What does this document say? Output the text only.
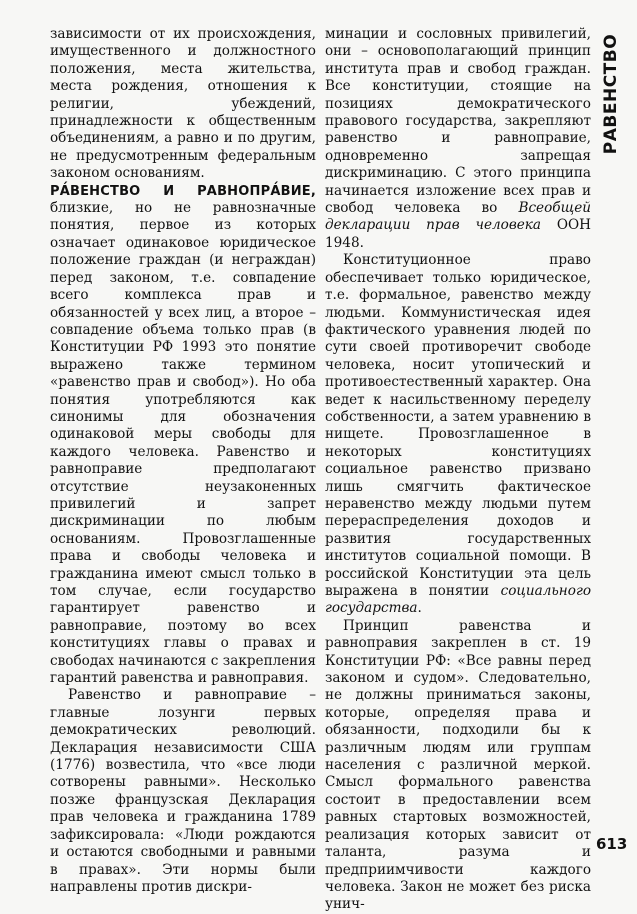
зависимости от их происхождения, имущественного и должностного положения, места жительства, места рождения, отношения к религии, убеждений, принадлежности к общественным объединениям, а равно и по другим, не предусмотренным федеральным законом основаниям.

РА́ВЕНСТВО И РАВНОПРА́ВИЕ, близкие, но не равнозначные понятия, первое из которых означает одинаковое юридическое положение граждан (и неграждан) перед законом, т.е. совпадение всего комплекса прав и обязанностей у всех лиц, а второе – совпадение объема только прав (в Конституции РФ 1993 это понятие выражено также термином «равенство прав и свобод»). Но оба понятия употребляются как синонимы для обозначения одинаковой меры свободы для каждого человека. Равенство и равноправие предполагают отсутствие неузаконенных привилегий и запрет дискриминации по любым основаниям. Провозглашенные права и свободы человека и гражданина имеют смысл только в том случае, если государство гарантирует равенство и равноправие, поэтому во всех конституциях главы о правах и свободах начинаются с закрепления гарантий равенства и равноправия.

Равенство и равноправие – главные лозунги первых демократических революций. Декларация независимости США (1776) возвестила, что «все люди сотворены равными». Несколько позже французская Декларация прав человека и гражданина 1789 зафиксировала: «Люди рождаются и остаются свободными и равными в правах». Эти нормы были направлены против дискри-

минации и сословных привилегий, они – основополагающий принцип института прав и свобод граждан. Все конституции, стоящие на позициях демократического правового государства, закрепляют равенство и равноправие, одновременно запрещая дискриминацию. С этого принципа начинается изложение всех прав и свобод человека во Всеобщей декларации прав человека ООН 1948.

Конституционное право обеспечивает только юридическое, т.е. формальное, равенство между людьми. Коммунистическая идея фактического уравнения людей по сути своей противоречит свободе человека, носит утопический и противоестественный характер. Она ведет к насильственному переделу собственности, а затем уравнению в нищете. Провозглашенное в некоторых конституциях социальное равенство призвано лишь смягчить фактическое неравенство между людьми путем перераспределения доходов и развития государственных институтов социальной помощи. В российской Конституции эта цель выражена в понятии социального государства.

Принцип равенства и равноправия закреплен в ст. 19 Конституции РФ: «Все равны перед законом и судом». Следовательно, не должны приниматься законы, которые, определяя права и обязанности, подходили бы к различным людям или группам населения с различной меркой. Смысл формального равенства состоит в предоставлении всем равных стартовых возможностей, реализация которых зависит от таланта, разума и предприимчивости каждого человека. Закон не может без риска унич-

РАВЕНСТВО
613
